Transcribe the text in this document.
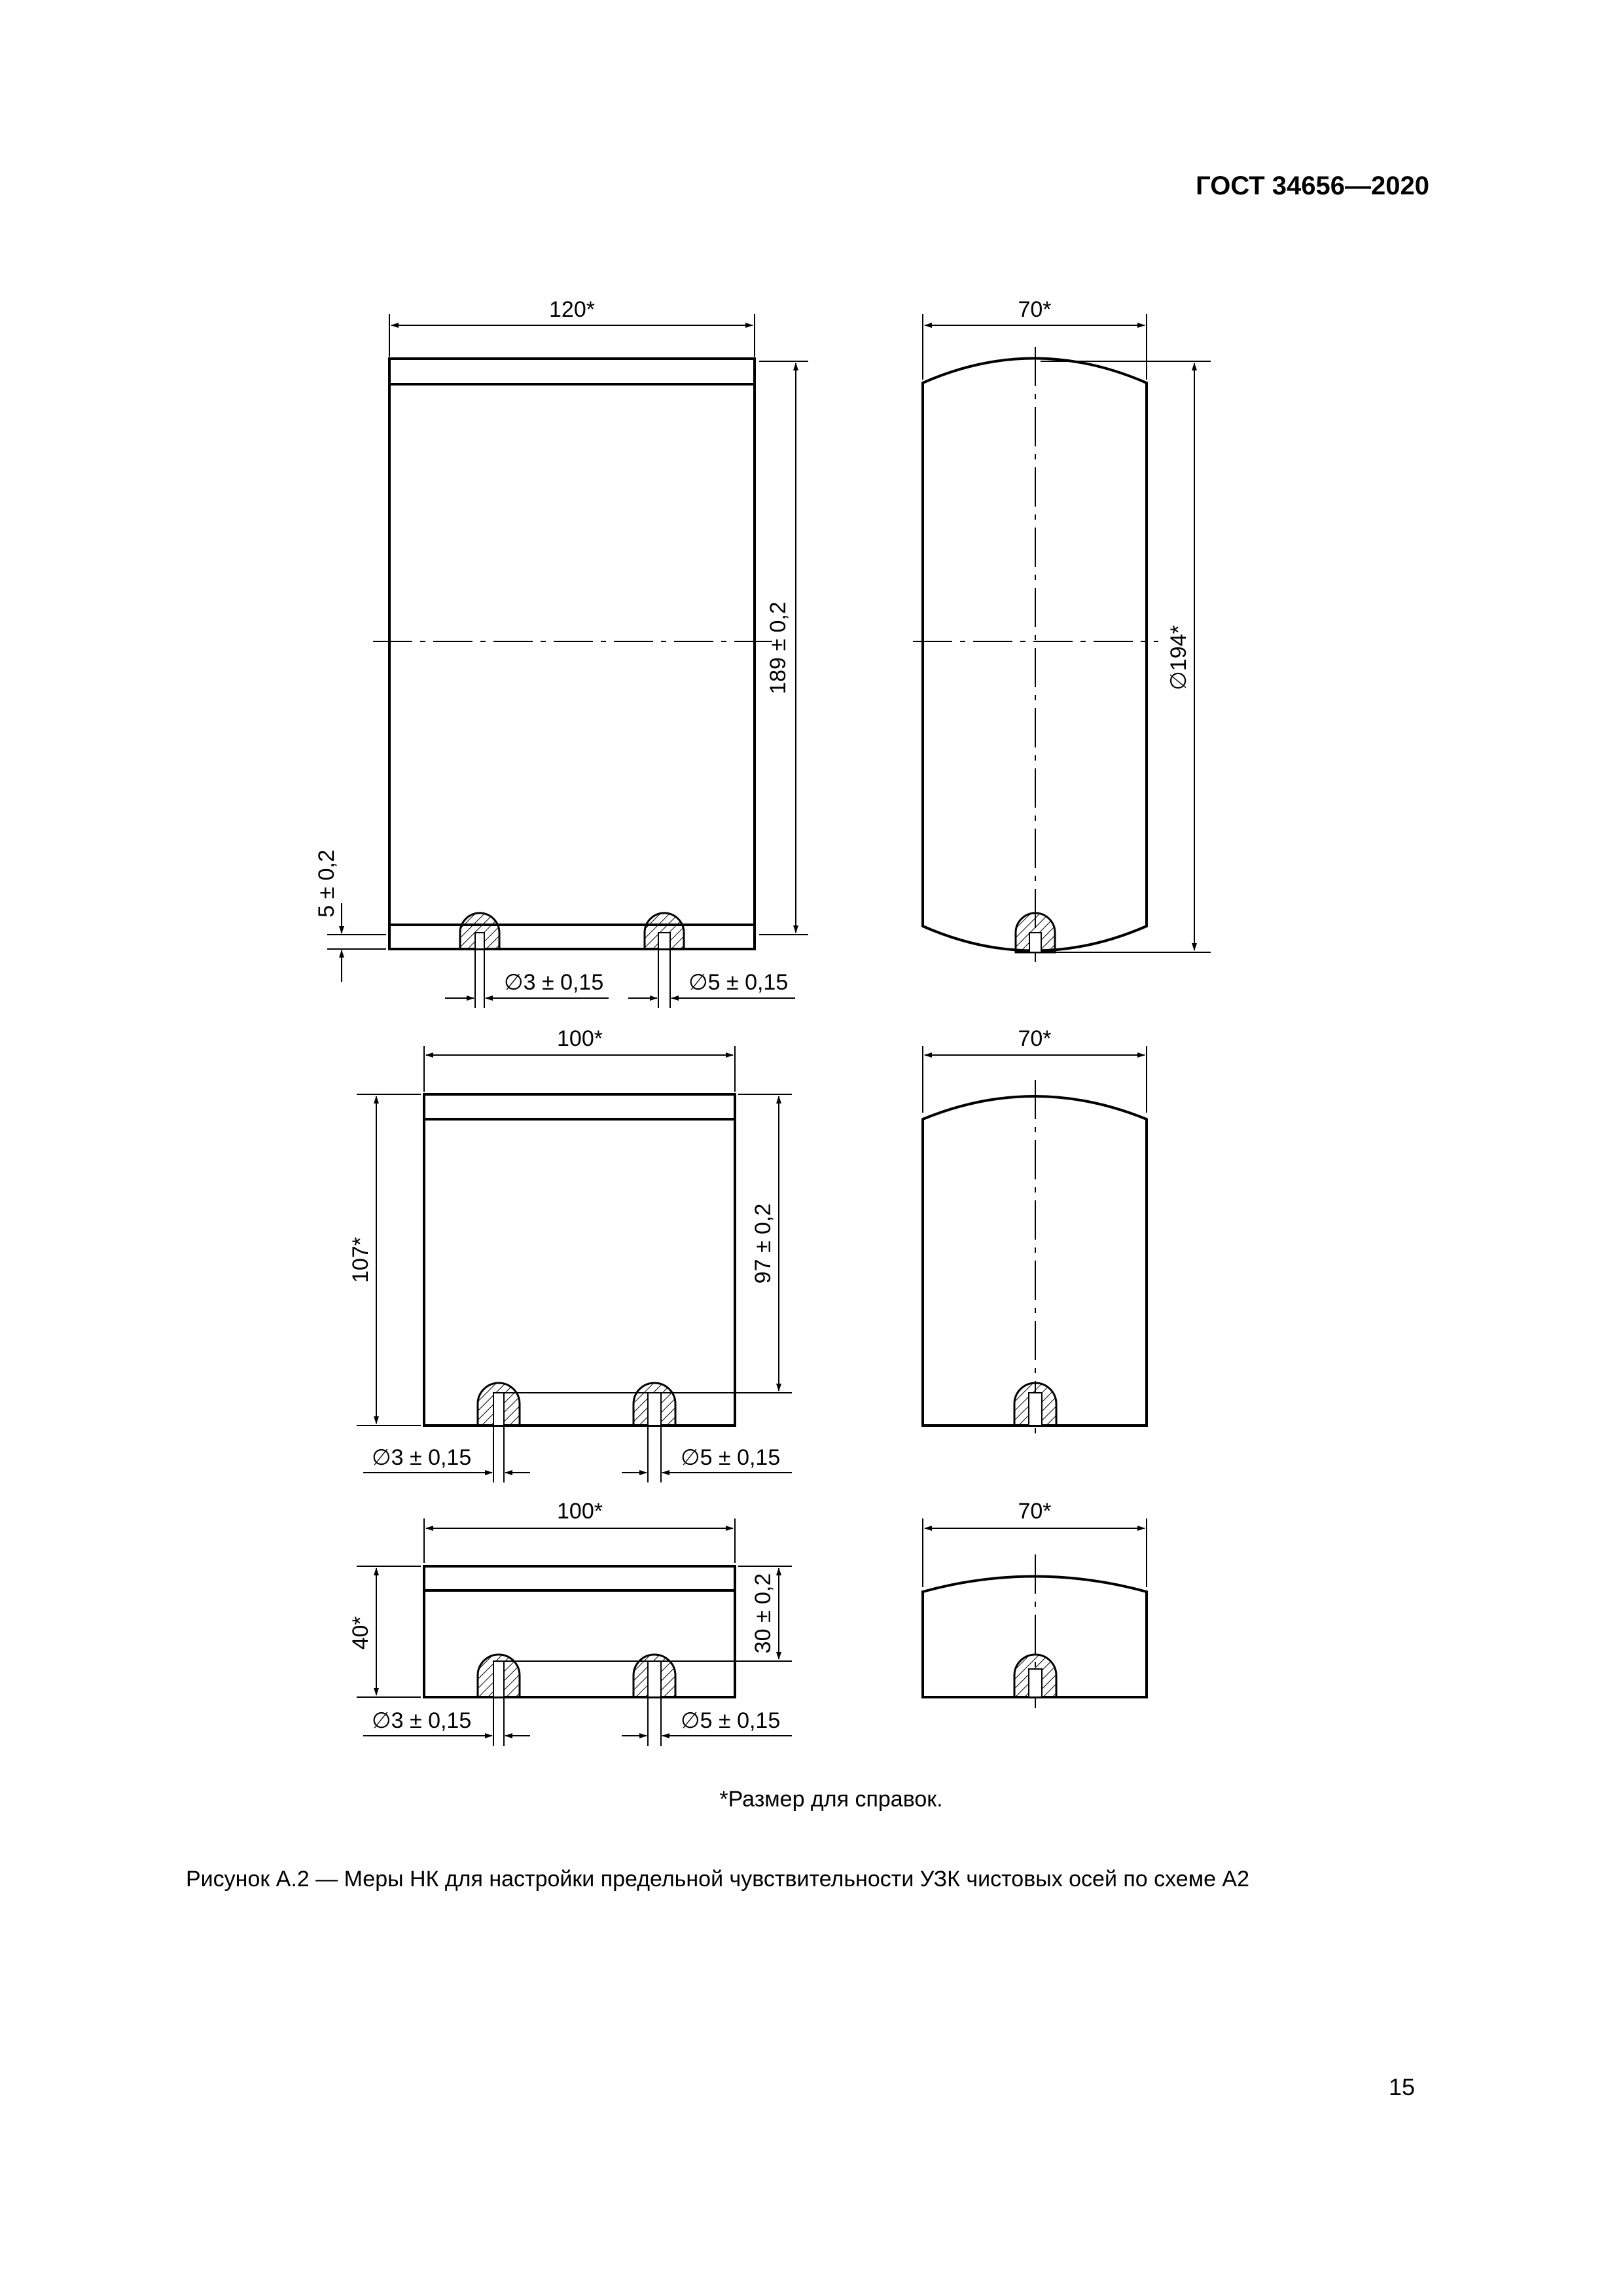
ГОСТ 34656—2020
120*
189 ± 0,2
5 ± 0,2
∅3 ± 0,15	∅5 ± 0,15
70*
∅194*
100*
107*	97 ± 0,2
∅3 ± 0,15	∅5 ± 0,15
70*
100*
40*	30 ± 0,2
∅3 ± 0,15	∅5 ± 0,15
70*
*Размер для справок.
Рисунок А.2 — Меры НК для настройки предельной чувствительности УЗК чистовых осей по схеме А2
15
